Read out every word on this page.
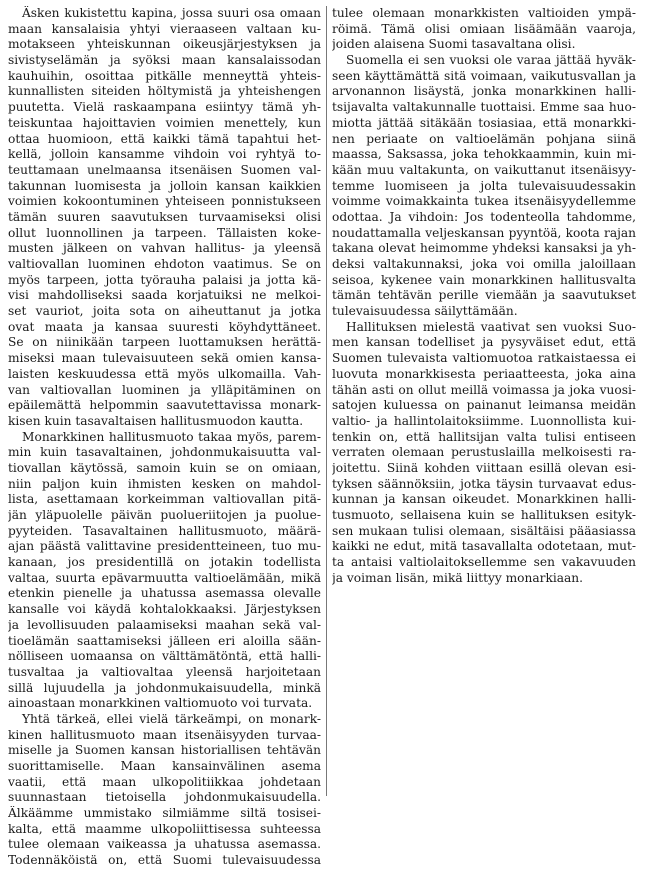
Äsken kukistettu kapina, jossa suuri osa omaan
maan kansalaisia yhtyi vieraaseen valtaan ku-
motakseen yhteiskunnan oikeusjärjestyksen ja
sivistyselämän ja syöksi maan kansalaissodan
kauhuihin, osoittaa pitkälle menneyttä yhteis-
kunnallisten siteiden höltymistä ja yhteishengen
puutetta. Vielä raskaampana esiintyy tämä yh-
teiskuntaa hajoittavien voimien menettely, kun
ottaa huomioon, että kaikki tämä tapahtui het-
kellä, jolloin kansamme vihdoin voi ryhtyä to-
teuttamaan unelmaansa itsenäisen Suomen val-
takunnan luomisesta ja jolloin kansan kaikkien
voimien kokoontuminen yhteiseen ponnistukseen
tämän suuren saavutuksen turvaamiseksi olisi
ollut luonnollinen ja tarpeen. Tällaisten koke-
musten jälkeen on vahvan hallitus- ja yleensä
valtiovallan luominen ehdoton vaatimus. Se on
myös tarpeen, jotta työrauha palaisi ja jotta kä-
visi mahdolliseksi saada korjatuiksi ne melkoi-
set vauriot, joita sota on aiheuttanut ja jotka
ovat maata ja kansaa suuresti köyhdyttäneet.
Se on niinikään tarpeen luottamuksen herättä-
miseksi maan tulevaisuuteen sekä omien kansa-
laisten keskuudessa että myös ulkomailla. Vah-
van valtiovallan luominen ja ylläpitäminen on
epäilemättä helpommin saavutettavissa monark-
kisen kuin tasavaltaisen hallitusmuodon kautta.
Monarkkinen hallitusmuoto takaa myös, parem-
min kuin tasavaltainen, johdonmukaisuutta val-
tiovallan käytössä, samoin kuin se on omiaan,
niin paljon kuin ihmisten kesken on mahdol-
lista, asettamaan korkeimman valtiovallan pitä-
jän yläpuolelle päivän puolueriitojen ja puolue-
pyyteiden. Tasavaltainen hallitusmuoto, määrä-
ajan päästä valittavine presidentteineen, tuo mu-
kanaan, jos presidentillä on jotakin todellista
valtaa, suurta epävarmuutta valtioelämään, mikä
etenkin pienelle ja uhatussa asemassa olevalle
kansalle voi käydä kohtalokkaaksi. Järjestyksen
ja levollisuuden palaamiseksi maahan sekä val-
tioelämän saattamiseksi jälleen eri aloilla sään-
nölliseen uomaansa on välttämätöntä, että halli-
tusvaltaa ja valtiovaltaa yleensä harjoitetaan
sillä lujuudella ja johdonmukaisuudella, minkä
ainoastaan monarkkinen valtiomuoto voi turvata.
Yhtä tärkeä, ellei vielä tärkeämpi, on monark-
kinen hallitusmuoto maan itsenäisyyden turvaa-
miselle ja Suomen kansan historiallisen tehtävän
suorittamiselle. Maan kansainvälinen asema
vaatii, että maan ulkopolitiikkaa johdetaan
suunnastaan tietoisella johdonmukaisuudella.
Älkäämme ummistako silmiämme siltä tosisei-
kalta, että maamme ulkopoliittisessa suhteessa
tulee olemaan vaikeassa ja uhatussa asemassa.
Todennäköistä on, että Suomi tulevaisuudessa
tulee olemaan monarkkisten valtioiden ympä-
röimä. Tämä olisi omiaan lisäämään vaaroja,
joiden alaisena Suomi tasavaltana olisi.
Suomella ei sen vuoksi ole varaa jättää hyväk-
seen käyttämättä sitä voimaan, vaikutusvallan ja
arvonannon lisäystä, jonka monarkkinen halli-
tsijavalta valtakunnalle tuottaisi. Emme saa huo-
miotta jättää sitäkään tosiasiaa, että monarkki-
nen periaate on valtioelämän pohjana siinä
maassa, Saksassa, joka tehokkaammin, kuin mi-
kään muu valtakunta, on vaikuttanut itsenäisyy-
temme luomiseen ja jolta tulevaisuudessakin
voimme voimakkainta tukea itsenäisyydellemme
odottaa. Ja vihdoin: Jos todenteolla tahdomme,
noudattamalla veljeskansan pyyntöä, koota rajan
takana olevat heimomme yhdeksi kansaksi ja yh-
deksi valtakunnaksi, joka voi omilla jaloillaan
seisoa, kykenee vain monarkkinen hallitusvalta
tämän tehtävän perille viemään ja saavutukset
tulevaisuudessa säilyttämään.
Hallituksen mielestä vaativat sen vuoksi Suo-
men kansan todelliset ja pysyväiset edut, että
Suomen tulevaista valtiomuotoa ratkaistaessa ei
luovuta monarkkisesta periaatteesta, joka aina
tähän asti on ollut meillä voimassa ja joka vuosi-
satojen kuluessa on painanut leimansa meidän
valtio- ja hallintolaitoksiimme. Luonnollista kui-
tenkin on, että hallitsijan valta tulisi entiseen
verraten olemaan perustuslailla melkoisesti ra-
joitettu. Siinä kohden viittaan esillä olevan esi-
tyksen säännöksiin, jotka täysin turvaavat edus-
kunnan ja kansan oikeudet. Monarkkinen halli-
tusmuoto, sellaisena kuin se hallituksen esityk-
sen mukaan tulisi olemaan, sisältäisi pääasiassa
kaikki ne edut, mitä tasavallalta odotetaan, mut-
ta antaisi valtiolaitoksellemme sen vakavuuden
ja voiman lisän, mikä liittyy monarkiaan.
